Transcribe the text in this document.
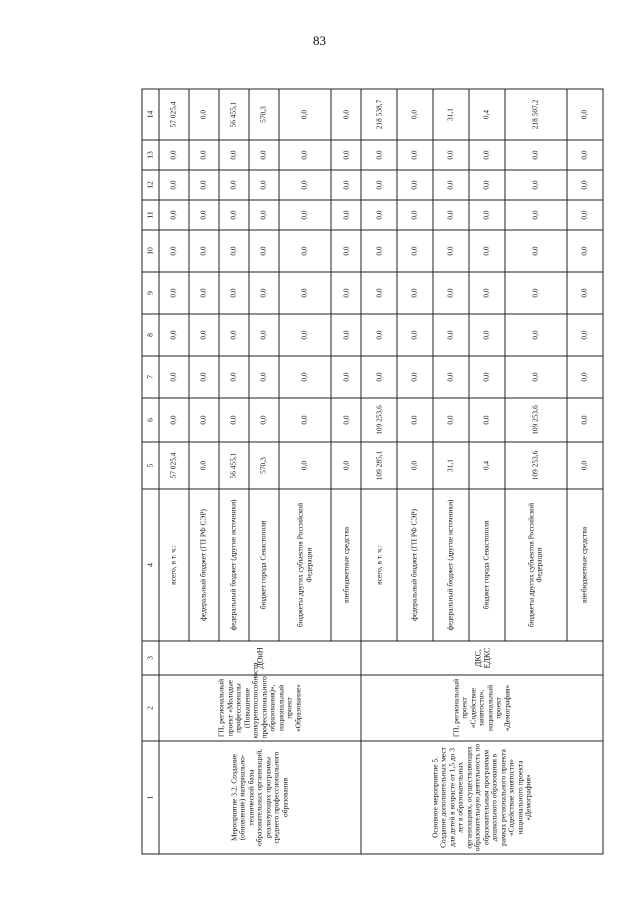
83
1	2	3	4	5	6	7	8	9	10	11	12	13	14
Мероприятие 3.2. Создание (обновление) материально-технической базы образовательных организаций, реализующих программы среднего профессионального образования	ГП, региональный проект «Молодые профессионалы (Повышение конкурентоспособности профессионального образования)», национальный проект «Образование»	ДОиН	всего, в т. ч.:	57 025,4	0,0	0,0	0,0	0,0	0,0	0,0	0,0	0,0	57 025,4
			федеральный бюджет (ГП РФ СЭР)	0,0	0,0	0,0	0,0	0,0	0,0	0,0	0,0	0,0	0,0
			федеральный бюджет (другие источники)	56 455,1	0,0	0,0	0,0	0,0	0,0	0,0	0,0	0,0	56 455,1
			бюджет города Севастополя	570,3	0,0	0,0	0,0	0,0	0,0	0,0	0,0	0,0	570,3
			бюджеты других субъектов Российской Федерации	0,0	0,0	0,0	0,0	0,0	0,0	0,0	0,0	0,0	0,0
			внебюджетные средства	0,0	0,0	0,0	0,0	0,0	0,0	0,0	0,0	0,0	0,0
Основное мероприятие 5. Создание дополнительных мест для детей в возрасте от 1,5 до 3 лет в образовательных организациях, осуществляющих образовательную деятельность по образовательным программам дошкольного образования в рамках регионального проекта «Содействие занятости» национального проекта «Демография»	ГП, региональный проект «Содействие занятости», национальный проект «Демография»	ДКС, ЕДКС	всего, в т. ч.:	109 285,1	109 253,6	0,0	0,0	0,0	0,0	0,0	0,0	0,0	218 538,7
			федеральный бюджет (ГП РФ СЭР)	0,0	0,0	0,0	0,0	0,0	0,0	0,0	0,0	0,0	0,0
			федеральный бюджет (другие источники)	31,1	0,0	0,0	0,0	0,0	0,0	0,0	0,0	0,0	31,1
			бюджет города Севастополя	0,4	0,0	0,0	0,0	0,0	0,0	0,0	0,0	0,0	0,4
			бюджеты других субъектов Российской Федерации	109 253,6	109 253,6	0,0	0,0	0,0	0,0	0,0	0,0	0,0	218 507,2
			внебюджетные средства	0,0	0,0	0,0	0,0	0,0	0,0	0,0	0,0	0,0	0,0
